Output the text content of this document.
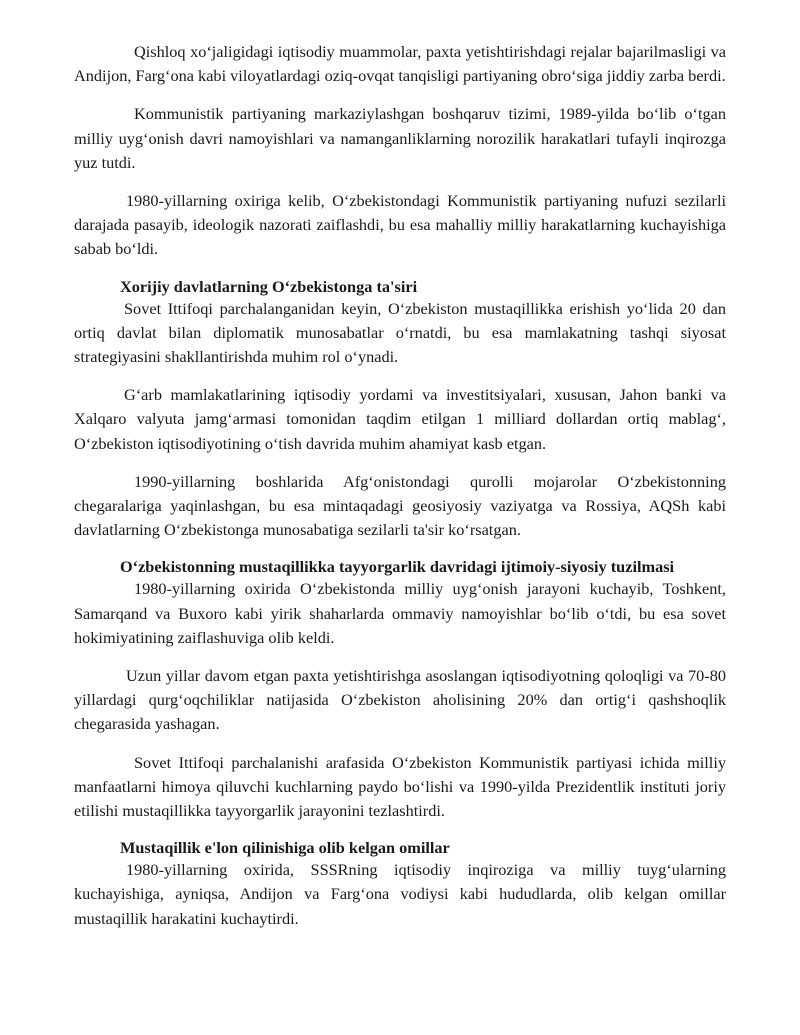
Qishloq xoʻjaligidagi iqtisodiy muammolar, paxta yetishtirishdagi rejalar bajarilmasligi va Andijon, Fargʻona kabi viloyatlardagi oziq-ovqat tanqisligi partiyaning obroʻsiga jiddiy zarba berdi.

Kommunistik partiyaning markaziylashgan boshqaruv tizimi, 1989-yilda boʻlib oʻtgan milliy uygʻonish davri namoyishlari va namanganliklarning norozilik harakatlari tufayli inqirozga yuz tutdi.

1980-yillarning oxiriga kelib, Oʻzbekistondagi Kommunistik partiyaning nufuzi sezilarli darajada pasayib, ideologik nazorati zaiflashdi, bu esa mahalliy milliy harakatlarning kuchayishiga sabab boʻldi.

Xorijiy davlatlarning Oʻzbekistonga ta'siri

Sovet Ittifoqi parchalanganidan keyin, Oʻzbekiston mustaqillikka erishish yoʻlida 20 dan ortiq davlat bilan diplomatik munosabatlar oʻrnatdi, bu esa mamlakatning tashqi siyosat strategiyasini shakllantirishda muhim rol oʻynadi.

Gʻarb mamlakatlarining iqtisodiy yordami va investitsiyalari, xususan, Jahon banki va Xalqaro valyuta jamgʻarmasi tomonidan taqdim etilgan 1 milliard dollardan ortiq mablagʻ, Oʻzbekiston iqtisodiyotining oʻtish davrida muhim ahamiyat kasb etgan.

1990-yillarning boshlarida Afgʻonistondagi qurolli mojarolar Oʻzbekistonning chegaralariga yaqinlashgan, bu esa mintaqadagi geosiyosiy vaziyatga va Rossiya, AQSh kabi davlatlarning Oʻzbekistonga munosabatiga sezilarli ta'sir koʻrsatgan.

Oʻzbekistonning mustaqillikka tayyorgarlik davridagi ijtimoiy-siyosiy tuzilmasi

1980-yillarning oxirida Oʻzbekistonda milliy uygʻonish jarayoni kuchayib, Toshkent, Samarqand va Buxoro kabi yirik shaharlarda ommaviy namoyishlar boʻlib oʻtdi, bu esa sovet hokimiyatining zaiflashuviga olib keldi.

Uzun yillar davom etgan paxta yetishtirishga asoslangan iqtisodiyotning qoloqligi va 70-80 yillardagi qurgʻoqchiliklar natijasida Oʻzbekiston aholisining 20% dan ortigʻi qashshoqlik chegarasida yashagan.

Sovet Ittifoqi parchalanishi arafasida Oʻzbekiston Kommunistik partiyasi ichida milliy manfaatlarni himoya qiluvchi kuchlarning paydo boʻlishi va 1990-yilda Prezidentlik instituti joriy etilishi mustaqillikka tayyorgarlik jarayonini tezlashtirdi.

Mustaqillik e'lon qilinishiga olib kelgan omillar

1980-yillarning oxirida, SSSRning iqtisodiy inqiroziga va milliy tuygʻularning kuchayishiga, ayniqsa, Andijon va Fargʻona vodiysi kabi hududlarda, olib kelgan omillar mustaqillik harakatini kuchaytirdi.
